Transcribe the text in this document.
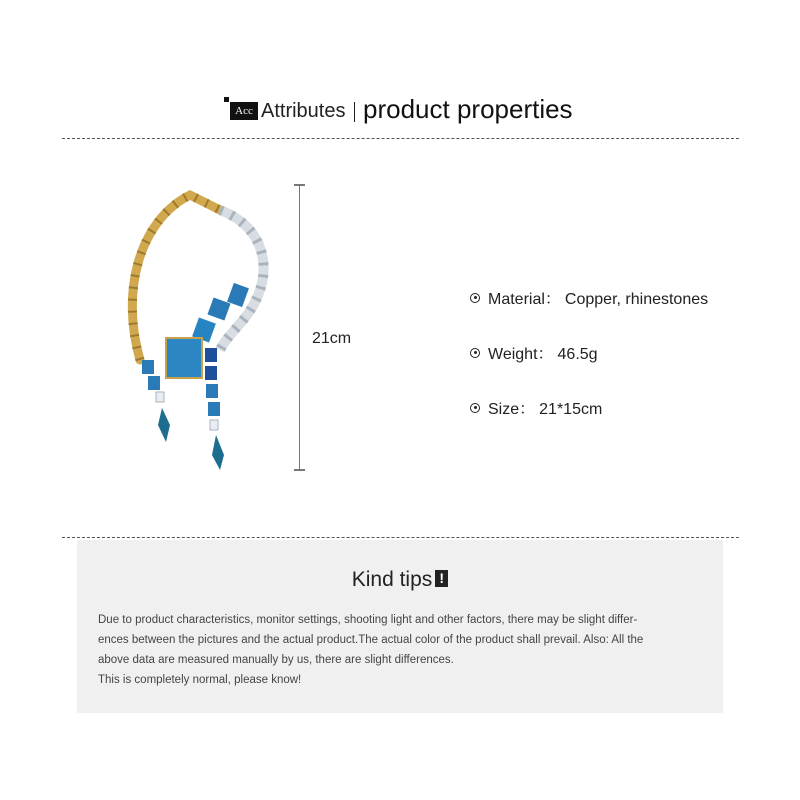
Acc Attributes product properties
21cm
Material： Copper, rhinestones
Weight： 46.5g
Size： 21*15cm
Kind tips !

Due to product characteristics, monitor settings, shooting light and other factors, there may be slight differ-

ences between the pictures and the actual product.The actual color of the product shall prevail. Also: All the

above data are measured manually by us, there are slight differences.

This is completely normal, please know!
